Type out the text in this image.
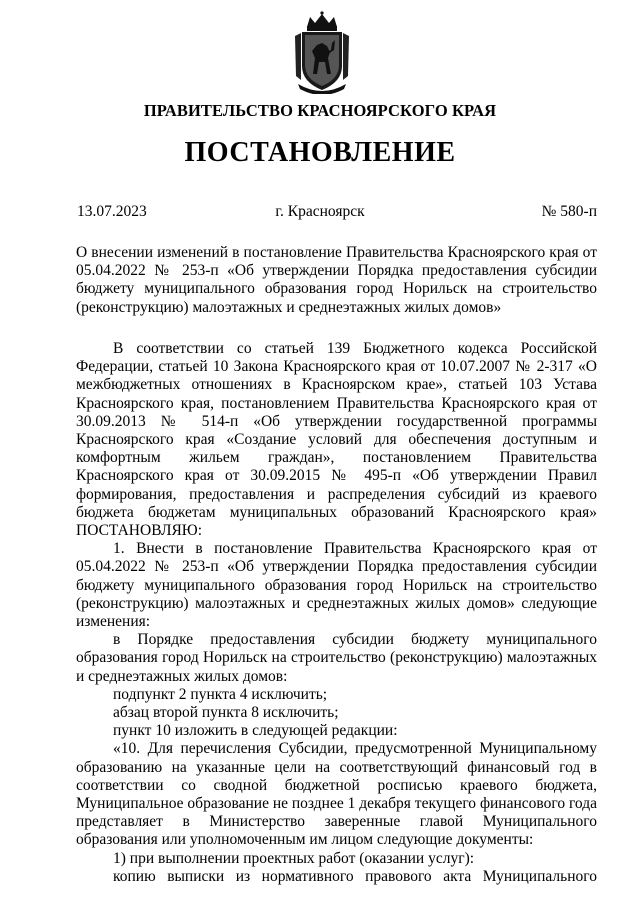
ПРАВИТЕЛЬСТВО КРАСНОЯРСКОГО КРАЯ
ПОСТАНОВЛЕНИЕ
13.07.2023	г. Красноярск	№ 580-п

О внесении изменений в постановление Правительства Красноярского края от 05.04.2022 № 253-п «Об утверждении Порядка предоставления субсидии бюджету муниципального образования город Норильск на строительство (реконструкцию) малоэтажных и среднеэтажных жилых домов»

В соответствии со статьей 139 Бюджетного кодекса Российской Федерации, статьей 10 Закона Красноярского края от 10.07.2007 № 2-317 «О межбюджетных отношениях в Красноярском крае», статьей 103 Устава Красноярского края, постановлением Правительства Красноярского края от 30.09.2013 № 514-п «Об утверждении государственной программы Красноярского края «Создание условий для обеспечения доступным и комфортным жильем граждан», постановлением Правительства Красноярского края от 30.09.2015 № 495-п «Об утверждении Правил формирования, предоставления и распределения субсидий из краевого бюджета бюджетам муниципальных образований Красноярского края» ПОСТАНОВЛЯЮ:

1. Внести в постановление Правительства Красноярского края от 05.04.2022 № 253-п «Об утверждении Порядка предоставления субсидии бюджету муниципального образования город Норильск на строительство (реконструкцию) малоэтажных и среднеэтажных жилых домов» следующие изменения:

в Порядке предоставления субсидии бюджету муниципального образования город Норильск на строительство (реконструкцию) малоэтажных и среднеэтажных жилых домов:

подпункт 2 пункта 4 исключить;

абзац второй пункта 8 исключить;

пункт 10 изложить в следующей редакции:

«10. Для перечисления Субсидии, предусмотренной Муниципальному образованию на указанные цели на соответствующий финансовый год в соответствии со сводной бюджетной росписью краевого бюджета, Муниципальное образование не позднее 1 декабря текущего финансового года представляет в Министерство заверенные главой Муниципального образования или уполномоченным им лицом следующие документы:

1) при выполнении проектных работ (оказании услуг):

копию выписки из нормативного правового акта Муниципального
